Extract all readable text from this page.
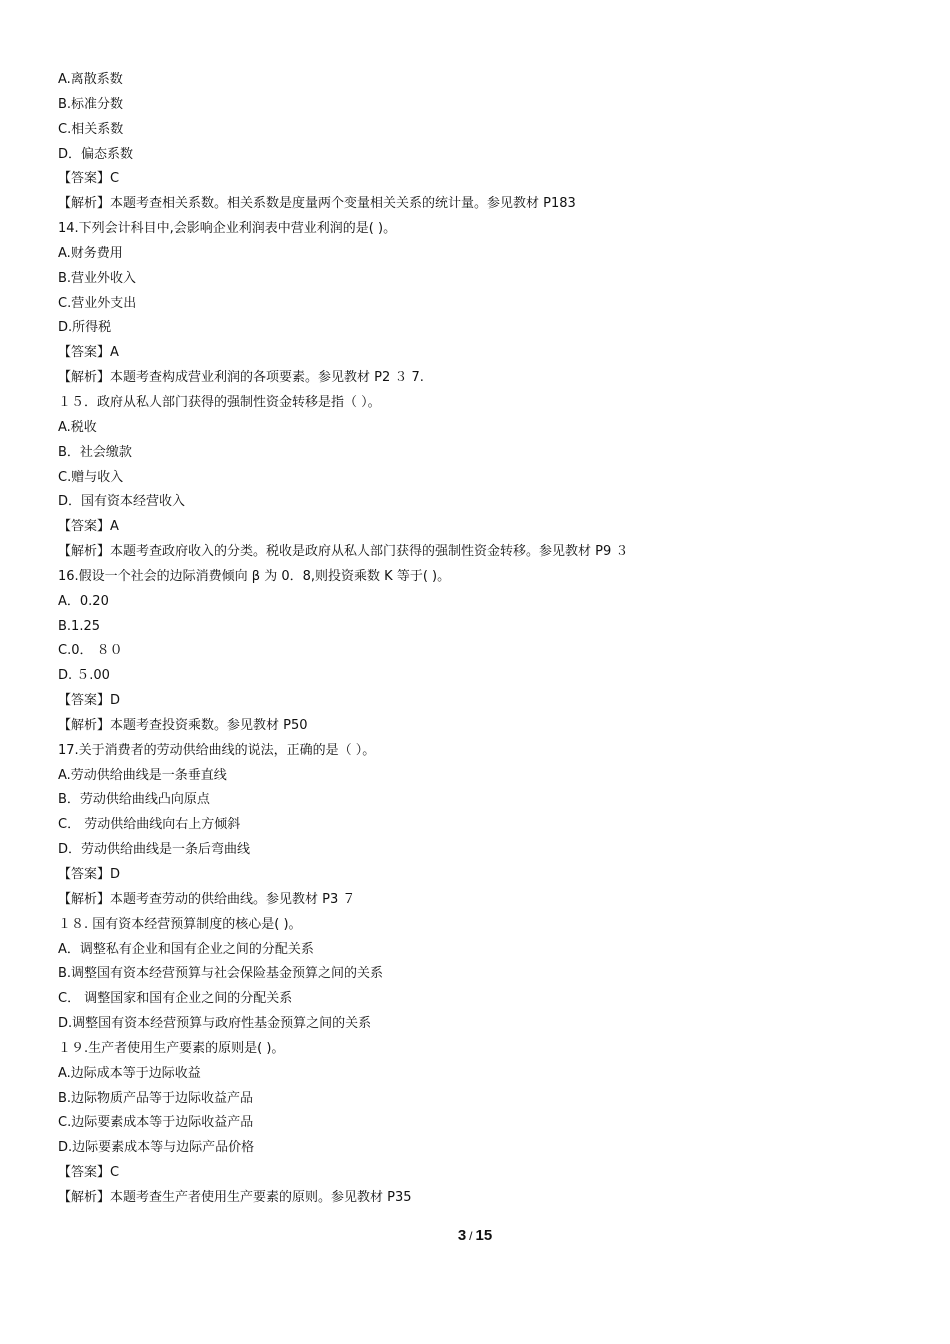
A.离散系数
B.标准分数
C.相关系数
D．偏态系数
【答案】C
【解析】本题考查相关系数。相关系数是度量两个变量相关关系的统计量。参见教材 P183
14.下列会计科目中,会影响企业利润表中营业利润的是( )。
A.财务费用
B.营业外收入
C.营业外支出
D.所得税
【答案】A
【解析】本题考查构成营业利润的各项要素。参见教材 P2 ３ 7.
１５．政府从私人部门获得的强制性资金转移是指（ ）。
A.税收
B．社会缴款
C.赠与收入
D．国有资本经营收入
【答案】A
【解析】本题考查政府收入的分类。税收是政府从私人部门获得的强制性资金转移。参见教材 P9 ３
16.假设一个社会的边际消费倾向 β 为 0．8,则投资乘数 K 等于( )。
A．0.20
B.1.25
C.0． ８０
D. ５.00
【答案】D
【解析】本题考查投资乘数。参见教材 P50
17.关于消费者的劳动供给曲线的说法，正确的是（ ）。
A.劳动供给曲线是一条垂直线
B．劳动供给曲线凸向原点
C． 劳动供给曲线向右上方倾斜
D．劳动供给曲线是一条后弯曲线
【答案】D
【解析】本题考查劳动的供给曲线。参见教材 P3 ７
１８. 国有资本经营预算制度的核心是( )。
A．调整私有企业和国有企业之间的分配关系
B.调整国有资本经营预算与社会保险基金预算之间的关系
C． 调整国家和国有企业之间的分配关系
D.调整国有资本经营预算与政府性基金预算之间的关系
１９.生产者使用生产要素的原则是( )。
A.边际成本等于边际收益
B.边际物质产品等于边际收益产品
C.边际要素成本等于边际收益产品
D.边际要素成本等与边际产品价格
【答案】C
【解析】本题考查生产者使用生产要素的原则。参见教材 P35
3 / 15
